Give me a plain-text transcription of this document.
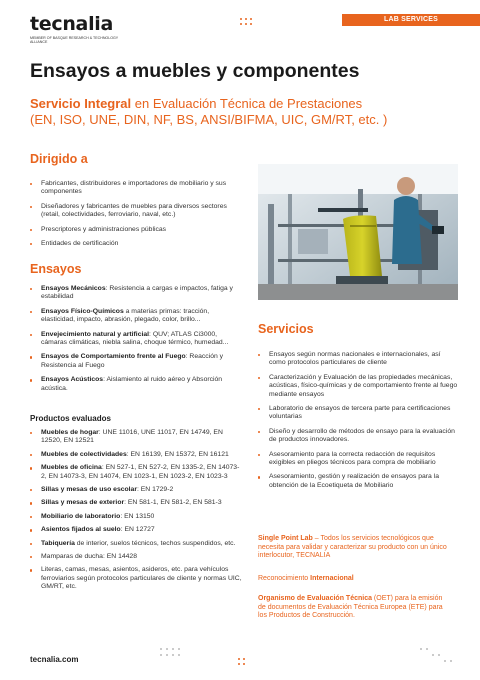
tecnalia
MEMBER OF BASQUE RESEARCH & TECHNOLOGY ALLIANCE
LAB SERVICES
Ensayos a muebles y componentes
Servicio Integral en Evaluación Técnica de Prestaciones
(EN, ISO, UNE, DIN, NF, BS, ANSI/BIFMA, UIC, GM/RT, etc. )
Dirigido a
Fabricantes, distribuidores e importadores de mobiliario y sus componentes
Diseñadores y fabricantes de muebles para diversos sectores (retail, colectividades, ferroviario, naval, etc.)
Prescriptores y administraciones públicas
Entidades de certificación
Ensayos
Ensayos Mecánicos: Resistencia a cargas e impactos, fatiga y estabilidad
Ensayos Físico-Químicos a materias primas: tracción, elasticidad, impacto, abrasión, plegado, color, brillo...
Envejecimiento natural y artificial: QUV; ATLAS Ci3000, cámaras climáticas, niebla salina, choque térmico, humedad...
Ensayos de Comportamiento frente al Fuego: Reacción y Resistencia al Fuego
Ensayos Acústicos: Aislamiento al ruido aéreo y Absorción acústica.
Productos evaluados
Muebles de hogar: UNE 11016, UNE 11017, EN 14749, EN 12520, EN 12521
Muebles de colectividades: EN 16139, EN 15372, EN 16121
Muebles de oficina: EN 527-1, EN 527-2, EN 1335-2, EN 14073-2, EN 14073-3, EN 14074, EN 1023-1, EN 1023-2, EN 1023-3
Sillas y mesas de uso escolar: EN 1729-2
Sillas y mesas de exterior: EN 581-1, EN 581-2, EN 581-3
Mobiliario de laboratorio: EN 13150
Asientos fijados al suelo: EN 12727
Tabiquería de interior, suelos técnicos, techos suspendidos, etc.
Mamparas de ducha: EN 14428
Literas, camas, mesas, asientos, asideros, etc. para vehículos ferroviarios según protocolos particulares de cliente y normas UIC, GM/RT, etc.
Servicios
Ensayos según normas nacionales e internacionales, así como protocolos particulares de cliente
Caracterización y Evaluación de las propiedades mecánicas, acústicas, físico-químicas y de comportamiento frente al fuego mediante ensayos
Laboratorio de ensayos de tercera parte para certificaciones voluntarias
Diseño y desarrollo de métodos de ensayo para la evaluación de productos innovadores.
Asesoramiento para la correcta redacción de requisitos exigibles en pliegos técnicos para compra de mobiliario
Asesoramiento, gestión y realización de ensayos para la obtención de la Ecoetiqueta de Mobiliario
Single Point Lab – Todos los servicios tecnológicos que necesita para validar y caracterizar su producto con un único interlocutor, TECNALIA
Reconocimiento Internacional
Organismo de Evaluación Técnica (OET) para la emisión de documentos de Evaluación Técnica Europea (ETE) para los Productos de Construcción.
tecnalia.com
